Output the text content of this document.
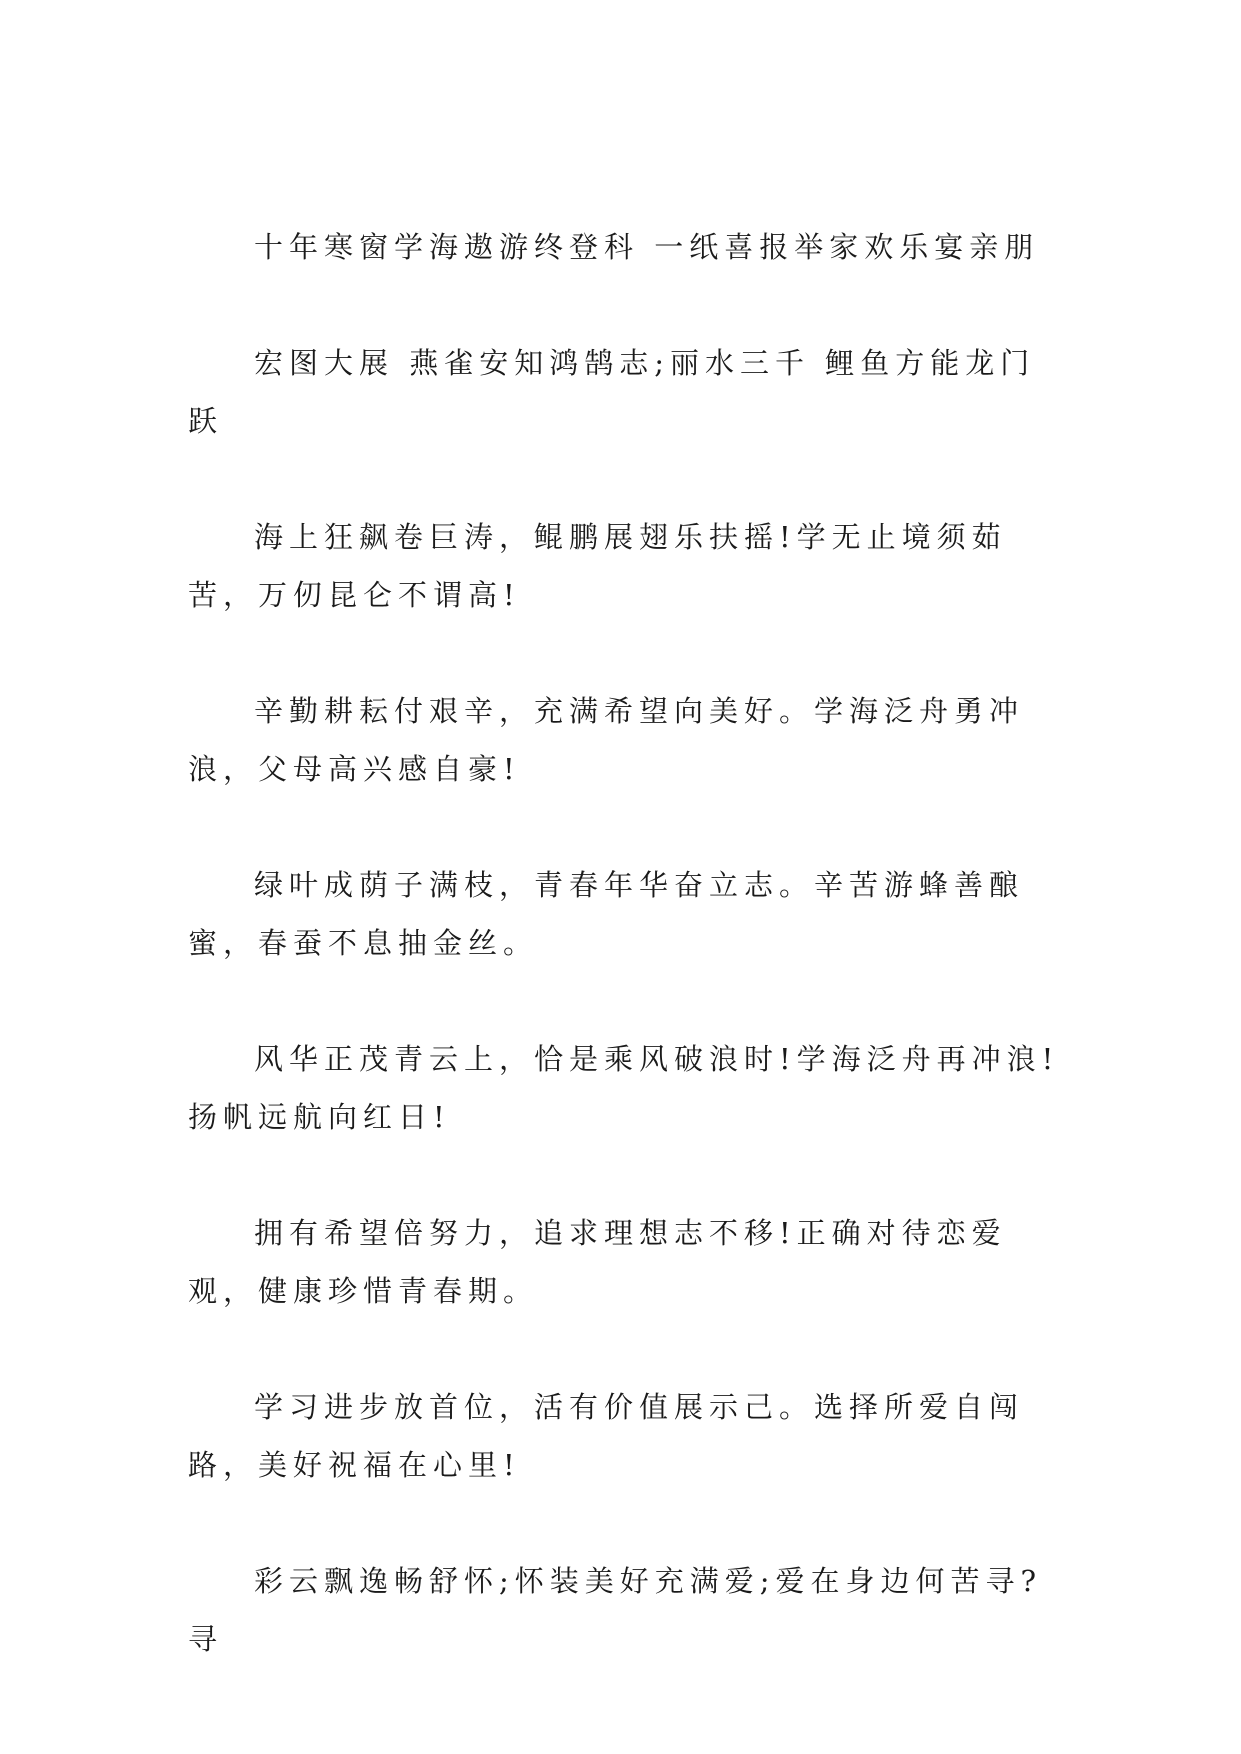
十年寒窗学海遨游终登科 一纸喜报举家欢乐宴亲朋

宏图大展 燕雀安知鸿鹄志;丽水三千 鲤鱼方能龙门跃

海上狂飙卷巨涛，鲲鹏展翅乐扶摇!学无止境须茹苦，万仞昆仑不谓高!

辛勤耕耘付艰辛，充满希望向美好。学海泛舟勇冲浪，父母高兴感自豪!

绿叶成荫子满枝，青春年华奋立志。辛苦游蜂善酿蜜，春蚕不息抽金丝。

风华正茂青云上，恰是乘风破浪时!学海泛舟再冲浪!扬帆远航向红日!

拥有希望倍努力，追求理想志不移!正确对待恋爱观，健康珍惜青春期。

学习进步放首位，活有价值展示己。选择所爱自闯路，美好祝福在心里!

彩云飘逸畅舒怀;怀装美好充满爱;爱在身边何苦寻?寻
